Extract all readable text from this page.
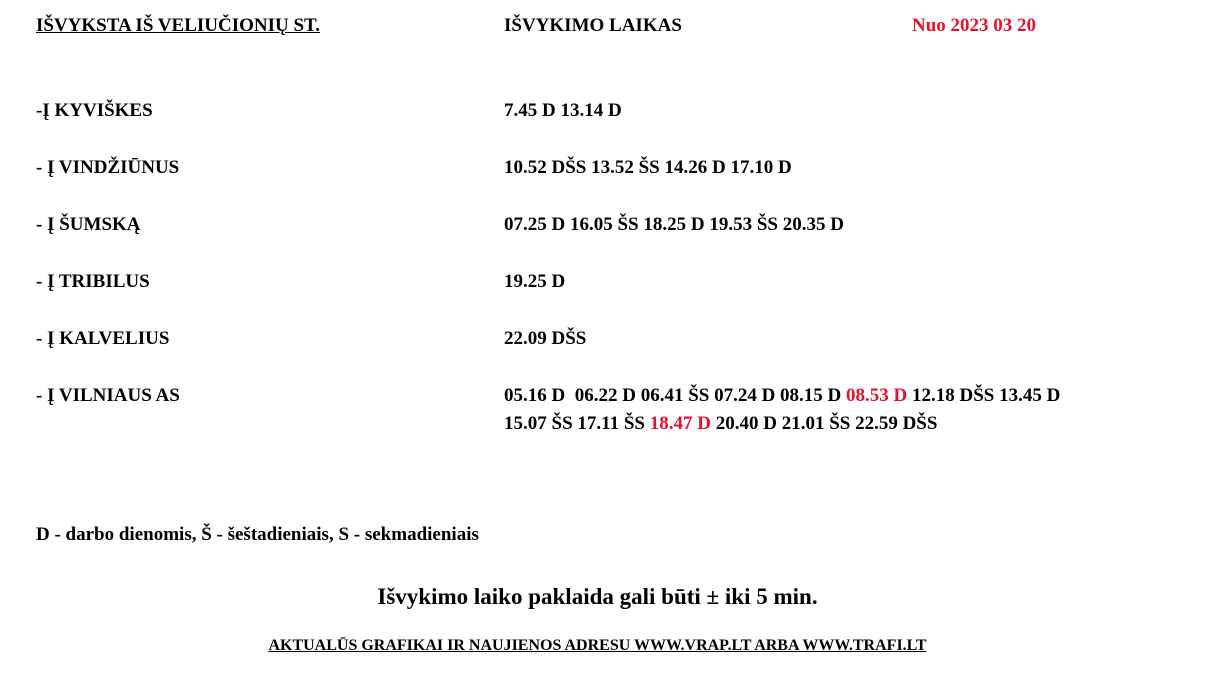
IŠVYKSTA IŠ VELIUČIONIŲ ST.	IŠVYKIMO LAIKAS	Nuo 2023 03 20
-Į KYVIŠKES	7.45 D 13.14 D
- Į VINDŽIŪNUS	10.52 DŠS 13.52 ŠS 14.26 D 17.10 D
- Į ŠUMSKĄ	07.25 D 16.05 ŠS 18.25 D 19.53 ŠS 20.35 D
- Į TRIBILUS	19.25 D
- Į KALVELIUS	22.09 DŠS
- Į VILNIAUS AS	05.16 D  06.22 D 06.41 ŠS 07.24 D 08.15 D 08.53 D 12.18 DŠS 13.45 D
15.07 ŠS 17.11 ŠS 18.47 D 20.40 D 21.01 ŠS 22.59 DŠS
D - darbo dienomis, Š - šeštadieniais, S - sekmadieniais
Išvykimo laiko paklaida gali būti ± iki 5 min.
AKTUALŪS GRAFIKAI IR NAUJIENOS ADRESU WWW.VRAP.LT ARBA WWW.TRAFI.LT
